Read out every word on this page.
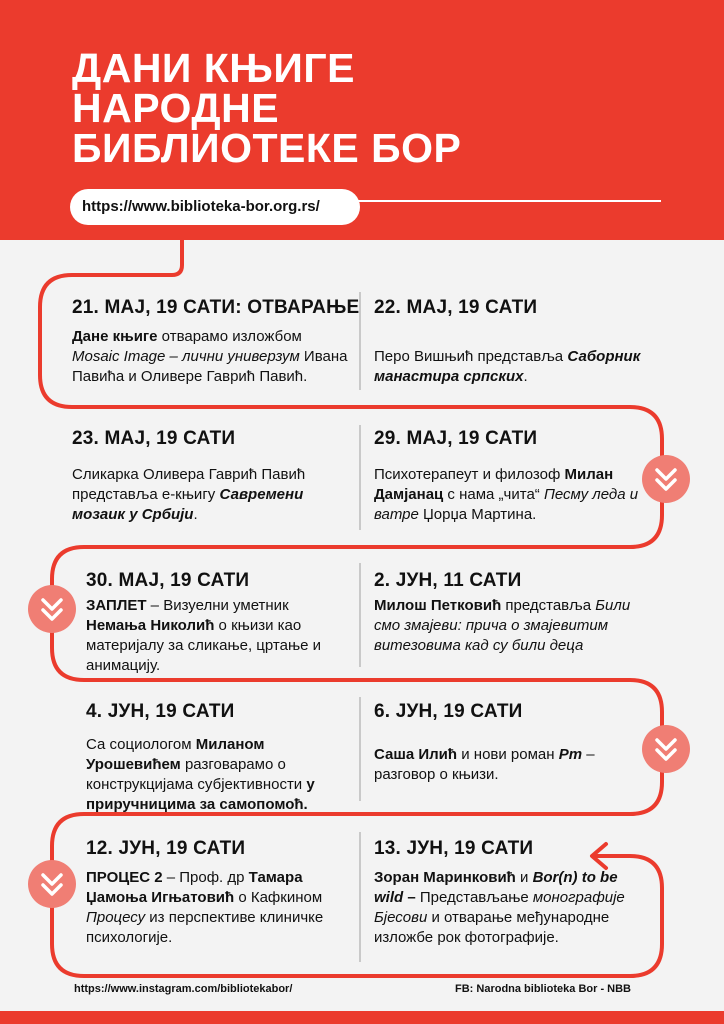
ДАНИ КЊИГЕ
НАРОДНЕ
БИБЛИОТЕКЕ БОР
https://www.biblioteka-bor.org.rs/
21. МАЈ, 19 САТИ: ОТВАРАЊЕ

Дане књиге отварамо изложбом Mosaic Image – лични универзум Ивана Павића и Оливере Гаврић Павић.

22. МАЈ, 19 САТИ

Перо Вишњић представља Саборник манастира српских.

23. МАЈ, 19 САТИ

Сликарка Оливера Гаврић Павић представља е-књигу Савремени мозаик у Србији.

29. МАЈ, 19 САТИ

Психотерапеут и филозоф Милан Дамјанац с нама „чита“ Песму леда и ватре Џорџа Мартина.

30. МАЈ, 19 САТИ

ЗАПЛЕТ – Визуелни уметник Немања Николић о књизи као материјалу за сликање, цртање и анимацију.

2. ЈУН, 11 САТИ

Милош Петковић представља Били смо змајеви: прича о змајевитим витезовима кад су били деца

4. ЈУН, 19 САТИ

Са социологом Миланом Урошевићем разговарамо о конструкцијама субјективности у приручницима за самопомоћ.

6. ЈУН, 19 САТИ

Саша Илић и нови роман Рт – разговор о књизи.

12. ЈУН, 19 САТИ

ПРОЦЕС 2 – Проф. др Тамара Џамоња Игњатовић о Кафкином Процесу из перспективе клиничке психологије.

13. ЈУН, 19 САТИ

Зоран Маринковић и Bor(n) to be wild – Представљање монографије Бјесови и отварање међународне изложбе рок фотографије.

https://www.instagram.com/bibliotekabor/	FB: Narodna biblioteka Bor - NBB
